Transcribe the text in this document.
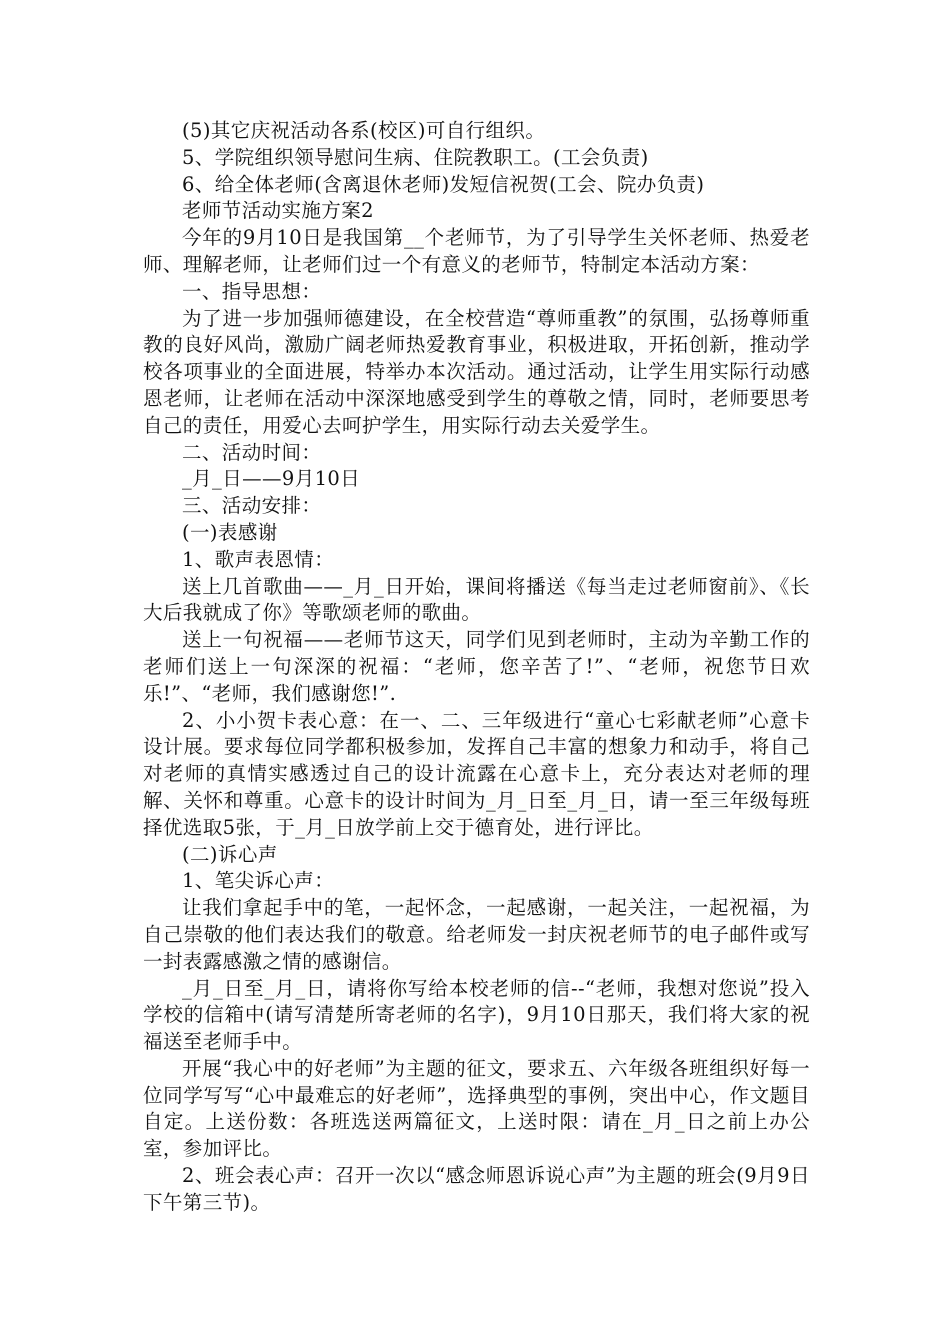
(5)其它庆祝活动各系(校区)可自行组织。

5、学院组织领导慰问生病、住院教职工。(工会负责)

6、给全体老师(含离退休老师)发短信祝贺(工会、院办负责)

老师节活动实施方案2

今年的9月10日是我国第__个老师节，为了引导学生关怀老师、热爱老师、理解老师，让老师们过一个有意义的老师节，特制定本活动方案：

一、指导思想：

为了进一步加强师德建设，在全校营造“尊师重教”的氛围，弘扬尊师重教的良好风尚，激励广阔老师热爱教育事业，积极进取，开拓创新，推动学校各项事业的全面进展，特举办本次活动。通过活动，让学生用实际行动感恩老师，让老师在活动中深深地感受到学生的尊敬之情，同时，老师要思考自己的责任，用爱心去呵护学生，用实际行动去关爱学生。

二、活动时间：

_月_日——9月10日

三、活动安排：

(一)表感谢

1、歌声表恩情：

送上几首歌曲——_月_日开始，课间将播送《每当走过老师窗前》、《长大后我就成了你》等歌颂老师的歌曲。

送上一句祝福——老师节这天，同学们见到老师时，主动为辛勤工作的老师们送上一句深深的祝福：“老师，您辛苦了!”、“老师，祝您节日欢乐!”、“老师，我们感谢您!”.

2、小小贺卡表心意：在一、二、三年级进行“童心七彩献老师”心意卡设计展。要求每位同学都积极参加，发挥自己丰富的想象力和动手，将自己对老师的真情实感透过自己的设计流露在心意卡上，充分表达对老师的理解、关怀和尊重。心意卡的设计时间为_月_日至_月_日，请一至三年级每班择优选取5张，于_月_日放学前上交于德育处，进行评比。

(二)诉心声

1、笔尖诉心声：

让我们拿起手中的笔，一起怀念，一起感谢，一起关注，一起祝福，为自己崇敬的他们表达我们的敬意。给老师发一封庆祝老师节的电子邮件或写一封表露感激之情的感谢信。

_月_日至_月_日，请将你写给本校老师的信--“老师，我想对您说”投入学校的信箱中(请写清楚所寄老师的名字)，9月10日那天，我们将大家的祝福送至老师手中。

开展“我心中的好老师”为主题的征文，要求五、六年级各班组织好每一位同学写写“心中最难忘的好老师”，选择典型的事例，突出中心，作文题目自定。上送份数：各班选送两篇征文，上送时限：请在_月_日之前上办公室，参加评比。

2、班会表心声：召开一次以“感念师恩诉说心声”为主题的班会(9月9日下午第三节)。
